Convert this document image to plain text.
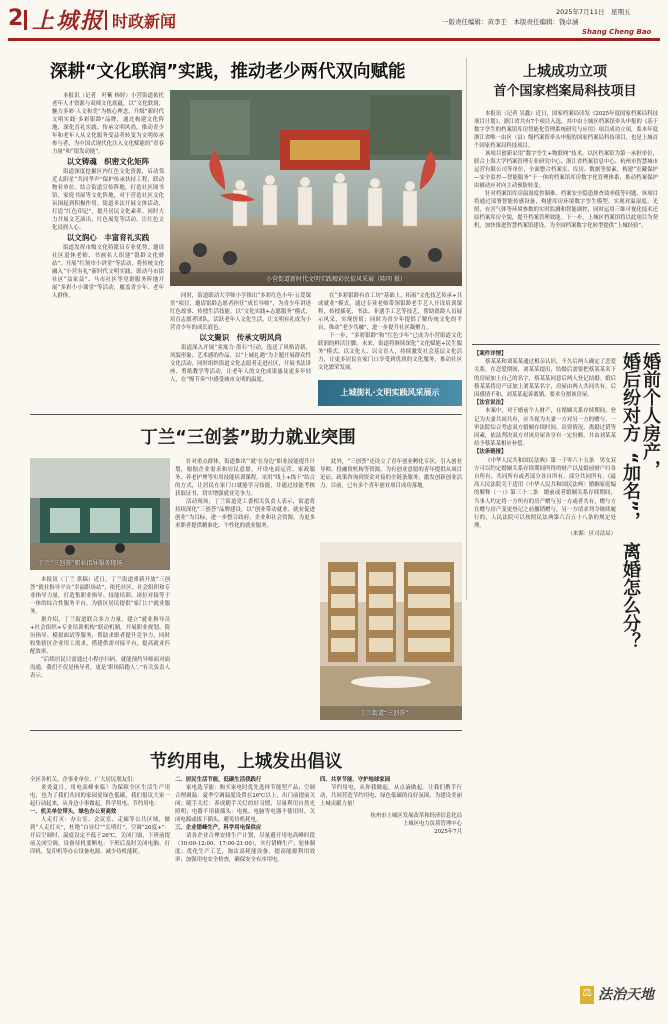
2 上城报 时政新闻	2025年7月11日　星期五
一版责任编辑：黄李壬　本版责任编辑：钱卓涵
Shang Cheng Bao
深耕“文化联润”实践，推动老少两代双向赋能

本报讯（记者　叶紫 杨婷）小营街道依托老年人才资源与双师文化底蕴，以“文化联润，魅力多彩·人文和美”为核心理念，升级“新时代文明实践·多彩银龄”品牌，通过构建文化阵地、深化育礼实践、传承文明风尚，推动青少年和老年人从文化服务受益者转变为文明传承参与者，为中国式现代化注入文化赋能的“青春力量”和“银发动能”。

以文铸魂　织密文化矩阵

街道深度挖掘区内红色文化资源，启动邻近太阳星“共同孝声”保护传承扶持工程，联动物业单位、结合街道宣传阵地，打造社区图书馆、家庭书屋等文化阵地，对于营造社区文化氛围起到积极作用。街道多次开展文体活动、打造“红色印记”，提升居民文化素养。同时大力开展文艺演出、红色展览等活动，让红色文化浸润人心。

以文润心　丰富育礼实践

街道发挥市级文化特派员专业优势，邀请社区退休老师、书画名人组建“银龄文化驿站”，开展“红领巾小讲堂”等活动，将传统文化融入“小营有礼”新时代文明实践，联动马市街社区“益家益”、马市社区等党群服务阵地开展“多彩小小课堂”等活动，覆盖青少年、老年人群体。

小营街道新时代文明实践精彩民俗风采展（陈明 摄）

同时，街道联动大学师小学推出“多彩红色小年·五爱课堂”项目，邀请银龄志愿者担任“成长导师”，为青少年讲述红色故事、传授生活技能。以“文化实践+志愿服务”模式，培育志愿者团队，活跃老年人文化生活，让文明有礼成为小营青少年的成长底色。

以文聚识　传承文明风尚

街道深入开展“童寓力·墨石”行动，选送了风格清新、风貌形象、艺术感的作品，以“上城礼遇”为主题开展群众性文化活动，同时组织街道文化志愿者走进社区，开展书法讲座、剪纸教学等活动，让老年人的文化成果惠及更多年轻人，在“慢节奏”中感受城市文明的温度。

在“多彩银龄有直工坊”基础上，拓展“文化技艺传承+共成就业”模式，通过专业老师带领银龄老手艺人开设培训课程，传授插花、书法、非遗手工艺等技艺，帮助银龄人员展示风采、实现价值；同时为青少年提供了解传统文化的平台，推动“老少共融”，进一步提升社区凝聚力。

下一步，“多彩银龄”和“红色少年”已成为小营街道文化联润的鲜活注脚。未来，街道将继续深化“文化赋能+民生服务”模式，以文化人、以文育人，持续激发社会基层文化活力，让更多居民在家门口享受到优质的文化服务，推动社区文化繁荣发展。

上城街礼·文明实践风采展示
上城成功立项
首个国家档案局科技项目

本报讯（记者 吴鑫）近日，国家档案局印发《2025年度国家档案局科技项目计划》，浙江省共有7个项目入选，其中由上城区档案馆牵头申报的《基于数字孪生的档案馆库房智能化管理系统研究与应用》项目成功立项，系本年度浙江省唯一由区（县）级档案馆牵头申报的国家档案局科技项目，也是上城首个国家档案局科技项目。

该项目创新采用“数字孪生+物联网”技术，以区档案馆为第一承担单位，联合上海大学档案管理专业研究中心、浙江省档案信息中心、杭州市智慧城市运营有限公司等单位，全面整合档案室、库房、数据等要素，构建“室藏保护—安全监控—智能服务”于一体的档案馆库房数字化管理体系，推动档案保护由被动应对向主动预防转变。

针对档案馆库房温湿度控制难、档案安全隐患排查效率低等问题，该项目将通过部署智能传感设备，构建库房环境数字孪生模型，实现对温湿度、光照、有害气体等环境参数的实时监测和智能调控，同时运用三维可视化技术还原档案库房全貌，提升档案管理效能。下一步，上城区档案馆将以此项目为契机，加快推进智慧档案馆建设，为全国档案数字化转型提供“上城经验”。

【案件详情】

蔡某某和刘某某通过相亲认识，不久后两人确定了恋爱关系。在恋爱期间，刘某某提出，结婚后需要把蔡某某名下的房屋加上自己的名字，蔡某某同意后两人登记结婚。婚后蔡某某将房产证加上刘某某名字，房屋由两人共同共有。后因感情不和，刘某某起诉离婚，要求分割该房屋。

【法官说法】

本案中，对于婚前个人财产，在婚姻关系存续期间，登记为夫妻共同共有，应当视为夫妻一方对另一方的赠与。一审法院综合考虑双方婚姻存续时间、出资情况、离婚过错等因素，依法判决双方对该房屋各享有一定份额，并由刘某某给予蔡某某相应补偿。

【法条链接】

《中华人民共和国民法典》第一千零六十五条　男女双方可以约定婚姻关系存续期间所得的财产以及婚前财产归各自所有、共同所有或者部分各自所有、部分共同所有。《最高人民法院关于适用〈中华人民共和国民法典〉婚姻家庭编的解释（一）》第三十二条　婚前或者婚姻关系存续期间，当事人约定将一方所有的房产赠与另一方或者共有，赠与方在赠与房产变更登记之前撤销赠与，另一方请求判令继续履行的，人民法院可以按照民法典第六百五十八条的规定处理。

（来源：区司法局）
婚前个人房产，
婚后纷对方
“加名”，
离婚怎么分？
⚖ 法治天地
丁兰“三创荟”助力就业突围
丁兰“三创荟”职业指导服务现场

本报讯（丁兰 供稿）近日，丁兰街道重新开放“三创荟”就业指导平台“幸福职场站”，依托社区、社会组织和专业指导力量，打造集职业指导、技能培训、岗位对接等于一体的综合性服务平台，为辖区居民提供“家门口”就业服务。

据介绍，丁兰街道联合多方力量，建立“就业指导员+社会组织+专业培训机构”联动机制，开展职业规划、简历指导、模拟面试等服务，帮助求职者提升竞争力，同时收集辖区企业用工需求，搭建供需对接平台，提高就业匹配效率。

“后续居民只需通过小程序扫码，就能预约导师面对面沟通，我们不仅是指导者，更是‘职场陪跑人’。”有关负责人表示。

针对重点群体，街道推出“‘就’在身边”职业技能提升计划，根据企业需求和居民意愿，开设电商运营、家政服务、养老护理等实用技能培训课程，采用“线上+线下”结合的方式，让居民在家门口就能学习技能，并通过技能考核获取证书，切实增强就业竞争力。

活动现场，丁兰街道党工委相关负责人表示，街道将持续深化“三创荟”品牌建设，以“创业带动就业、就业促进创业”为目标，进一步整合政府、企业和社会资源，为更多求职者提供精准化、个性化的就业服务。

此外，“三创荟”还设立了青年创业孵化专区，引入创业导师、投融资机构等资源，为有创业意愿的青年提供从项目论证、政策咨询到资金对接的全链条服务，激发创新创业活力。目前，已有多个青年创业项目成功落地。

丁兰街道“三创荟”
节约用电，上城发出倡议
全区各机关、企事业单位、广大居民朋友们：

炎炎夏日，用电高峰来临！为保障全区生活生产用电，也为了我们共同的家园更绿色低碳，我们倡议大家一起行动起来，从身边小事做起，科学用电、节约用电：

一、机关单位带头，绿色办公更高效

人走灯灭：办公室、会议室、走廊等公共区域，做到“人走灯灭”，杜绝“白昼灯”“长明灯”。空调“26度+”：开启空调时，温度设定不低于26℃，关闭门窗，下班前提前关闭空调。设备待机要断电：下班后及时关闭电脑、打印机、复印机等办公设备电源，减少待机能耗。

二、居民生活节能，低碳生活我践行

家电选节能：购买家电时优先选择节能型产品；空调合理调温：夏季空调温度设置在26℃以上，出门前提前关闭；随手关灯：养成随手关灯的好习惯，尽量利用自然光照明；电器不用拔插头：电视、电脑等电器不使用时，关闭电源或拔下插头，避免待机耗电。

三、企业错峰生产，科学用电保供应

请各企业合理安排生产计划，尽量避开用电高峰时段（10:00-12:00、17:00-21:00），实行错峰生产、轮休制度；优化生产工艺，淘汰高耗能设备，提高能源利用效率；加强用电安全检查，确保安全有序用电。

四、共享节能、守护地球家园

节约用电，从你我做起，从点滴做起。让我们携手行动，共同营造节约用电、绿色低碳的良好氛围，为建设美丽上城贡献力量！

杭州市上城区发展改革和经济信息化局
上城区电力负荷管理中心
2025年7月
